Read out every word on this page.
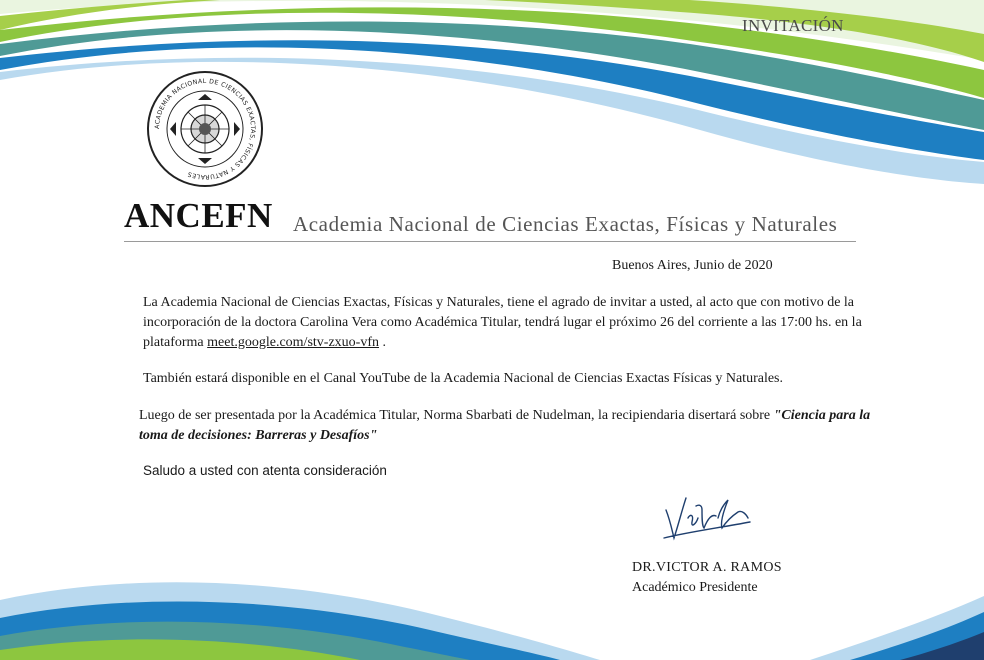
INVITACIÓN
ACADEMIA NACIONAL DE CIENCIAS EXACTAS, FÍSICAS Y NATURALES
ANCEFN Academia Nacional de Ciencias Exactas, Físicas y Naturales
Buenos Aires, Junio de 2020
La Academia Nacional de Ciencias Exactas, Físicas y Naturales, tiene el agrado de invitar a usted, al acto que con motivo de la incorporación de la doctora Carolina Vera como Académica Titular, tendrá lugar el próximo 26 del corriente a las 17:00 hs. en la plataforma meet.google.com/stv-zxuo-vfn .
También estará disponible en el Canal YouTube de la Academia Nacional de Ciencias Exactas Físicas y Naturales.
Luego de ser presentada por la Académica Titular, Norma Sbarbati de Nudelman, la recipiendaria disertará sobre "Ciencia para la toma de decisiones: Barreras y Desafíos"
Saludo a usted con atenta consideración
DR.VICTOR A. RAMOS
Académico Presidente
